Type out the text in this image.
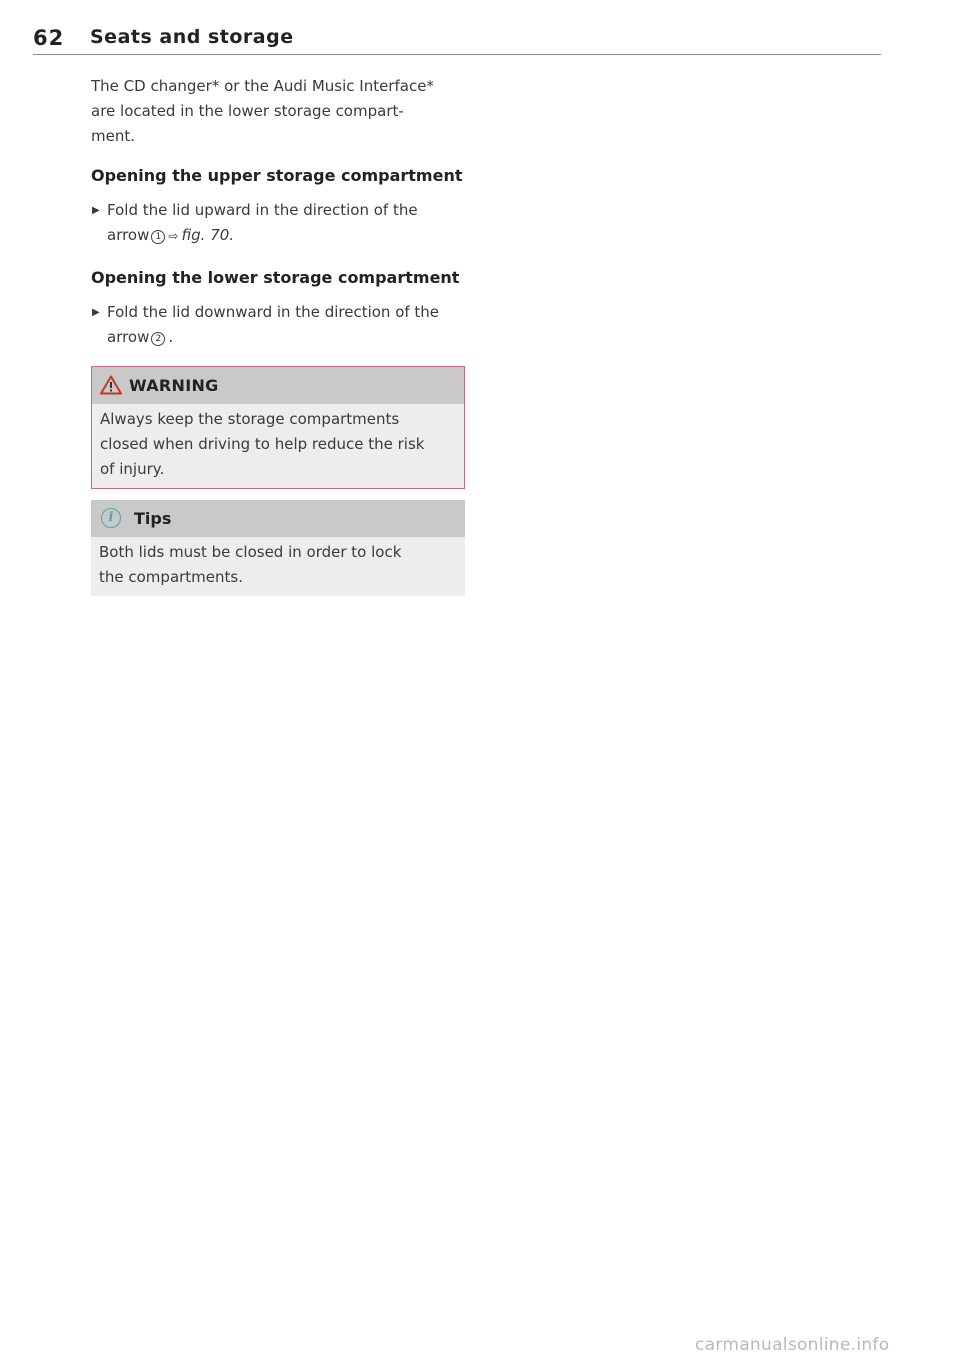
62 Seats and storage

The CD changer* or the Audi Music Interface*
are located in the lower storage compart-
ment.

Opening the upper storage compartment

▶ Fold the lid upward in the direction of the
arrow 1 ⇨ fig. 70.

Opening the lower storage compartment

▶ Fold the lid downward in the direction of the
arrow 2 .

WARNING

Always keep the storage compartments
closed when driving to help reduce the risk
of injury.

i	Tips

Both lids must be closed in order to lock
the compartments.

carmanualsonline.info
